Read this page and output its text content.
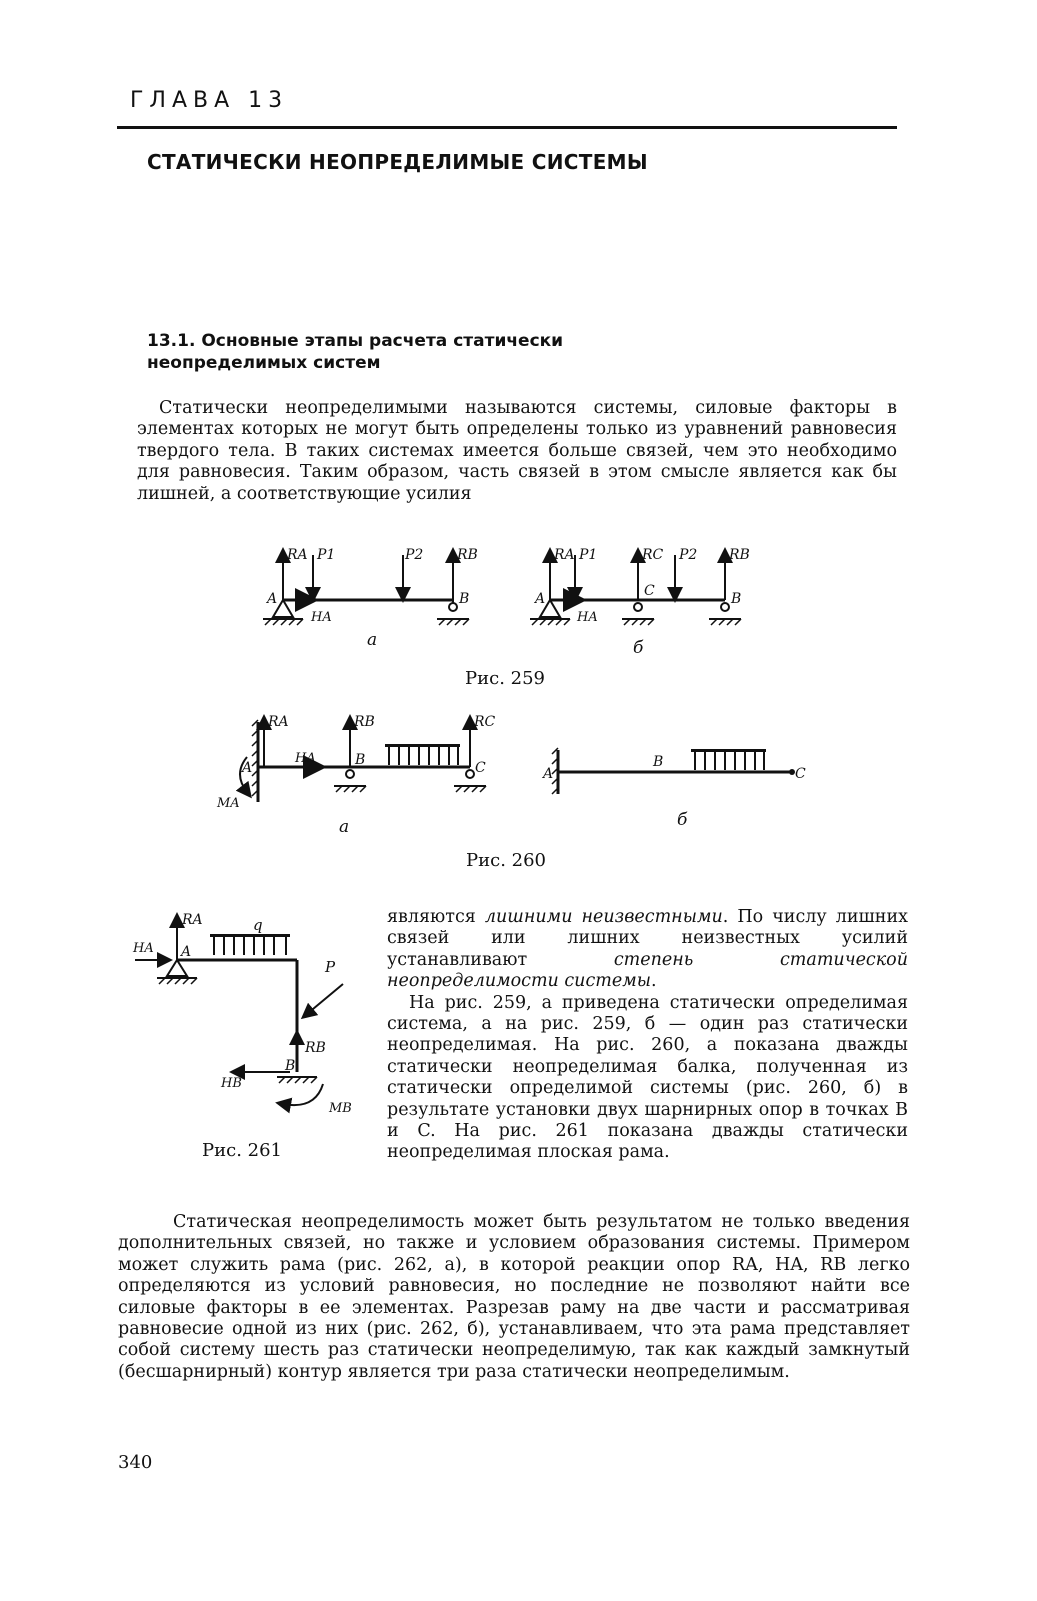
ГЛАВА 13
СТАТИЧЕСКИ НЕОПРЕДЕЛИМЫЕ СИСТЕМЫ
13.1. Основные этапы расчета статически
неопределимых систем
Статически неопределимыми называются системы, силовые факторы в элементах которых не могут быть определены только из уравнений равновесия твердого тела. В таких системах имеется больше связей, чем это необходимо для равновесия. Таким образом, часть связей в этом смысле является как бы лишней, а соответствующие усилия
RA P1	P2 RB
A	B
HA
а
RA P1	RC P2 RB
A	C	B
HA
б
Рис. 259
RA	RB	RC
A
HA	B	C
MA
а
A
B
C
б
Рис. 260
RA	q
HA A
P
RB
B
HB
MB
Рис. 261
являются лишними неизвестными. По числу лишних связей или лишних неизвестных усилий устанавливают степень статической неопределимости системы.
На рис. 259, а приведена статически определимая система, а на рис. 259, б — один раз статически неопределимая. На рис. 260, а показана дважды статически неопределимая балка, полученная из статически определимой системы (рис. 260, б) в результате установки двух шарнирных опор в точках B и C. На рис. 261 показана дважды статически неопределимая плоская рама.
Статическая неопределимость может быть результатом не только введения дополнительных связей, но также и условием образования системы. Примером может служить рама (рис. 262, а), в которой реакции опор RA, HA, RB легко определяются из условий равновесия, но последние не позволяют найти все силовые факторы в ее элементах. Разрезав раму на две части и рассматривая равновесие одной из них (рис. 262, б), устанавливаем, что эта рама представляет собой систему шесть раз статически неопределимую, так как каждый замкнутый (бесшарнирный) контур является три раза статически неопределимым.
340
